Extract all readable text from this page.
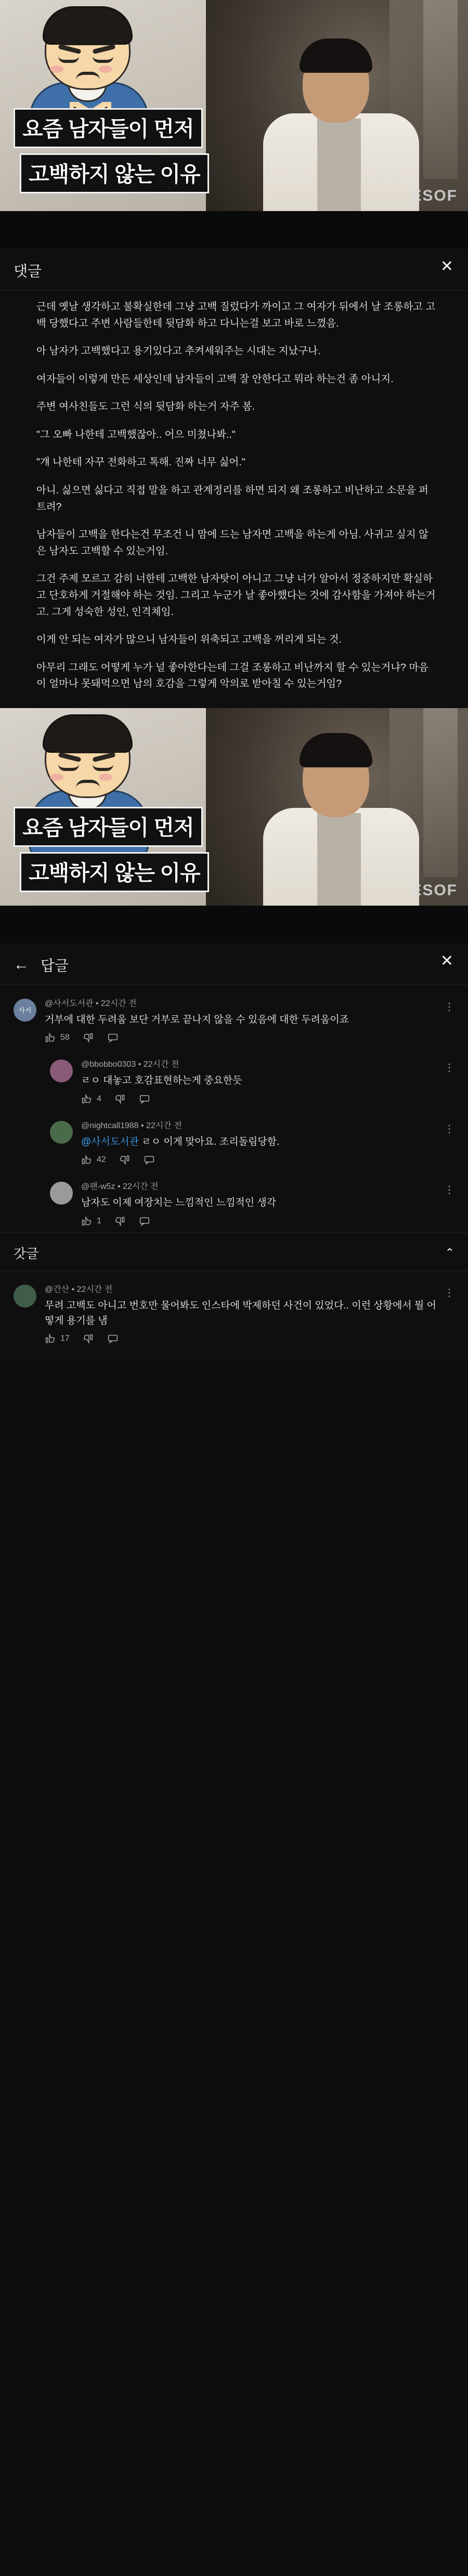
요즘 남자들이 먼저
고백하지 않는 이유
ESOF
댓글	✕

근데 옛날 생각하고 불확실한데 그냥 고백 질렀다가 까이고 그 여자가 뒤에서 날 조롱하고 고백 당했다고 주변 사람들한테 뒷담화 하고 다니는걸 보고 바로 느꼈음.

아 남자가 고백했다고 용기있다고 추켜세워주는 시대는 지났구나.

여자들이 이렇게 만든 세상인데 남자들이 고백 잘 안한다고 뭐라 하는건 좀 아니지.

주변 여사친들도 그런 식의 뒷담화 하는거 자주 봄.

"그 오빠 나한테 고백했잖아.. 어으 미쳤나봐.."

"걔 나한테 자꾸 전화하고 톡해. 진짜 너무 싫어."

아니. 싫으면 싫다고 직접 말을 하고 관계정리를 하면 되지 왜 조롱하고 비난하고 소문을 퍼트려?

남자들이 고백을 한다는건 무조건 니 맘에 드는 남자면 고백을 하는게 아님. 사귀고 싶지 않은 남자도 고백할 수 있는거임.

그건 주제 모르고 감히 너한테 고백한 남자탓이 아니고 그냥 너가 알아서 정중하지만 확실하고 단호하게 거절해야 하는 것임. 그리고 누군가 날 좋아했다는 것에 감사함을 가져야 하는거고. 그게 성숙한 성인, 인격체임.

이게 안 되는 여자가 많으니 남자들이 위축되고 고백을 꺼리게 되는 것.

아무리 그래도 어떻게 누가 널 좋아한다는데 그걸 조롱하고 비난까지 할 수 있는거냐? 마음이 얼마나 못돼먹으면 남의 호감을 그렇게 악의로 받아칠 수 있는거임?

요즘 남자들이 먼저
고백하지 않는 이유
ESOF
← 답글	✕
사서
@사서도서관 • 22시간 전
거부에 대한 두려움 보단 거부로 끝나지 않을 수 있음에 대한 두려움이죠
58
⋮
@bbobbo0303 • 22시간 전
ㄹㅇ 대놓고 호감표현하는게 중요한듯
4
⋮
@nightcall1988 • 22시간 전
@사서도서관 ㄹㅇ 이게 맞아요. 조리돌림당함.
42
⋮
@팬-w5z • 22시간 전
남자도 이제 여장치는 느낌적인 느낌적인 생각
1
⋮
갓글	⌃
@간산 • 22시간 전
무려 고백도 아니고 번호만 물어봐도 인스타에 박제하던 사건이 있었다.. 이런 상황에서 뭘 어떻게 용기를 냄
17
⋮
